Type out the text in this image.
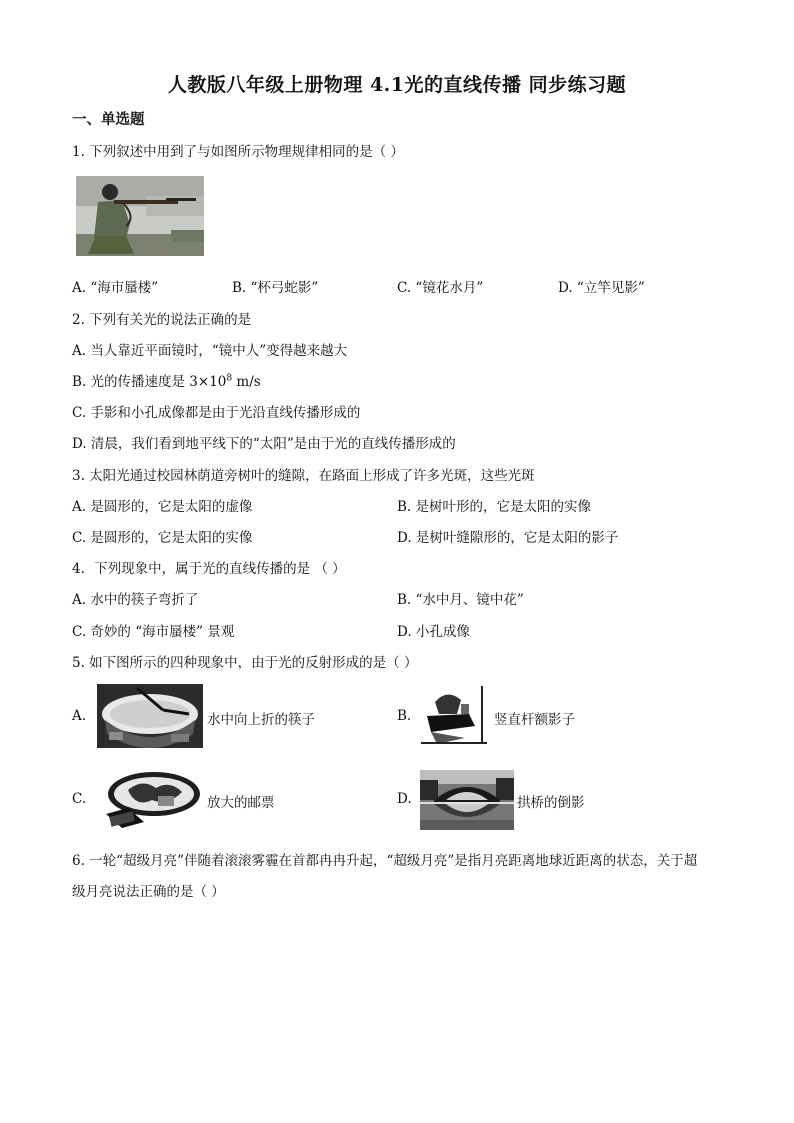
人教版八年级上册物理 4.1光的直线传播 同步练习题
一、单选题
1. 下列叙述中用到了与如图所示物理规律相同的是（ ）
A. “海市蜃楼”	B. “杯弓蛇影”	C. “镜花水月”	D. “立竿见影”
2. 下列有关光的说法正确的是
A. 当人靠近平面镜时，“镜中人”变得越来越大
B. 光的传播速度是 $3\times 10^8$ m/s
C. 手影和小孔成像都是由于光沿直线传播形成的
D. 清晨，我们看到地平线下的“太阳”是由于光的直线传播形成的
3. 太阳光通过校园林荫道旁树叶的缝隙，在路面上形成了许多光斑，这些光斑
A. 是圆形的，它是太阳的虚像	B. 是树叶形的，它是太阳的实像
C. 是圆形的，它是太阳的实像	D. 是树叶缝隙形的，它是太阳的影子
4．下列现象中，属于光的直线传播的是 （ ）
A. 水中的筷子弯折了	B. “水中月、镜中花”
C. 奇妙的 “海市蜃楼” 景观	D. 小孔成像
5. 如下图所示的四种现象中，由于光的反射形成的是（ ）
A.	水中向上折的筷子	B.	竖直杆额影子
C.	放大的邮票	D.	拱桥的倒影
6. 一轮“超级月亮”伴随着滚滚雾霾在首都冉冉升起，“超级月亮”是指月亮距离地球近距离的状态，关于超
级月亮说法正确的是（ ）
